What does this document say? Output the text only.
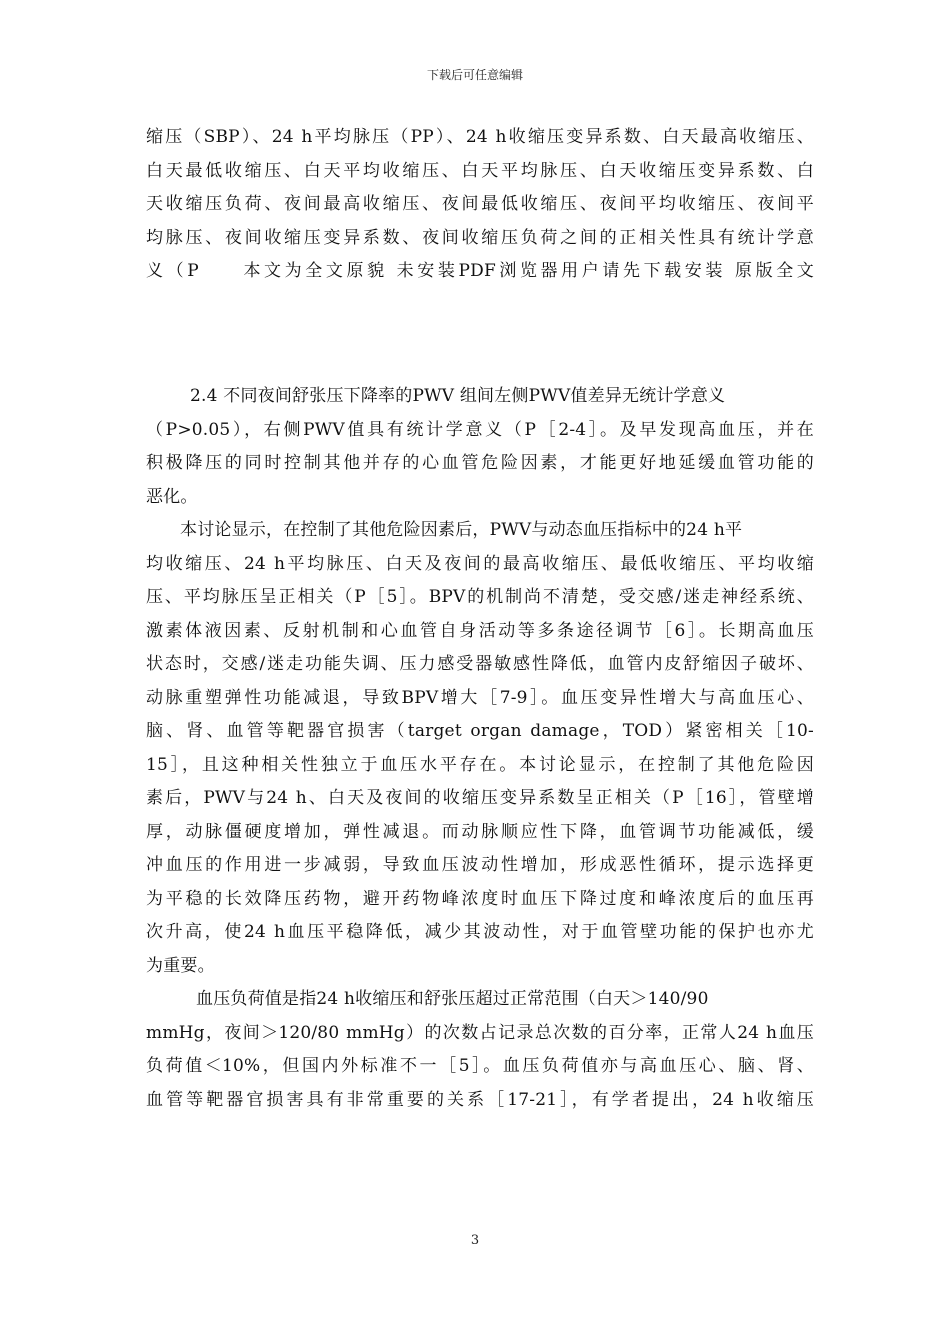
下载后可任意编辑
缩压（SBP）、24 h平均脉压（PP）、24 h收缩压变异系数、白天最高收缩压、
白天最低收缩压、白天平均收缩压、白天平均脉压、白天收缩压变异系数、白
天收缩压负荷、夜间最高收缩压、夜间最低收缩压、夜间平均收缩压、夜间平
均脉压、夜间收缩压变异系数、夜间收缩压负荷之间的正相关性具有统计学意
义（P　　本文为全文原貌 未安装PDF浏览器用户请先下载安装 原版全文
2.4 不同夜间舒张压下降率的PWV 组间左侧PWV值差异无统计学意义
（P>0.05），右侧PWV值具有统计学意义（P［2-4］。及早发现高血压，并在
积极降压的同时控制其他并存的心血管危险因素，才能更好地延缓血管功能的
恶化。
本讨论显示，在控制了其他危险因素后，PWV与动态血压指标中的24 h平
均收缩压、24 h平均脉压、白天及夜间的最高收缩压、最低收缩压、平均收缩
压、平均脉压呈正相关（P［5］。BPV的机制尚不清楚，受交感/迷走神经系统、
激素体液因素、反射机制和心血管自身活动等多条途径调节［6］。长期高血压
状态时，交感/迷走功能失调、压力感受器敏感性降低，血管内皮舒缩因子破坏、
动脉重塑弹性功能减退，导致BPV增大［7-9］。血压变异性增大与高血压心、
脑、肾、血管等靶器官损害（target organ damage，TOD）紧密相关［10-
15］，且这种相关性独立于血压水平存在。本讨论显示，在控制了其他危险因
素后，PWV与24 h、白天及夜间的收缩压变异系数呈正相关（P［16］，管壁增
厚，动脉僵硬度增加，弹性减退。而动脉顺应性下降，血管调节功能减低，缓
冲血压的作用进一步减弱，导致血压波动性增加，形成恶性循环，提示选择更
为平稳的长效降压药物，避开药物峰浓度时血压下降过度和峰浓度后的血压再
次升高，使24 h血压平稳降低，减少其波动性，对于血管壁功能的保护也亦尤
为重要。
血压负荷值是指24 h收缩压和舒张压超过正常范围（白天＞140/90
mmHg，夜间＞120/80 mmHg）的次数占记录总次数的百分率，正常人24 h血压
负荷值＜10%，但国内外标准不一［5］。血压负荷值亦与高血压心、脑、肾、
血管等靶器官损害具有非常重要的关系［17-21］，有学者提出，24 h收缩压
3
